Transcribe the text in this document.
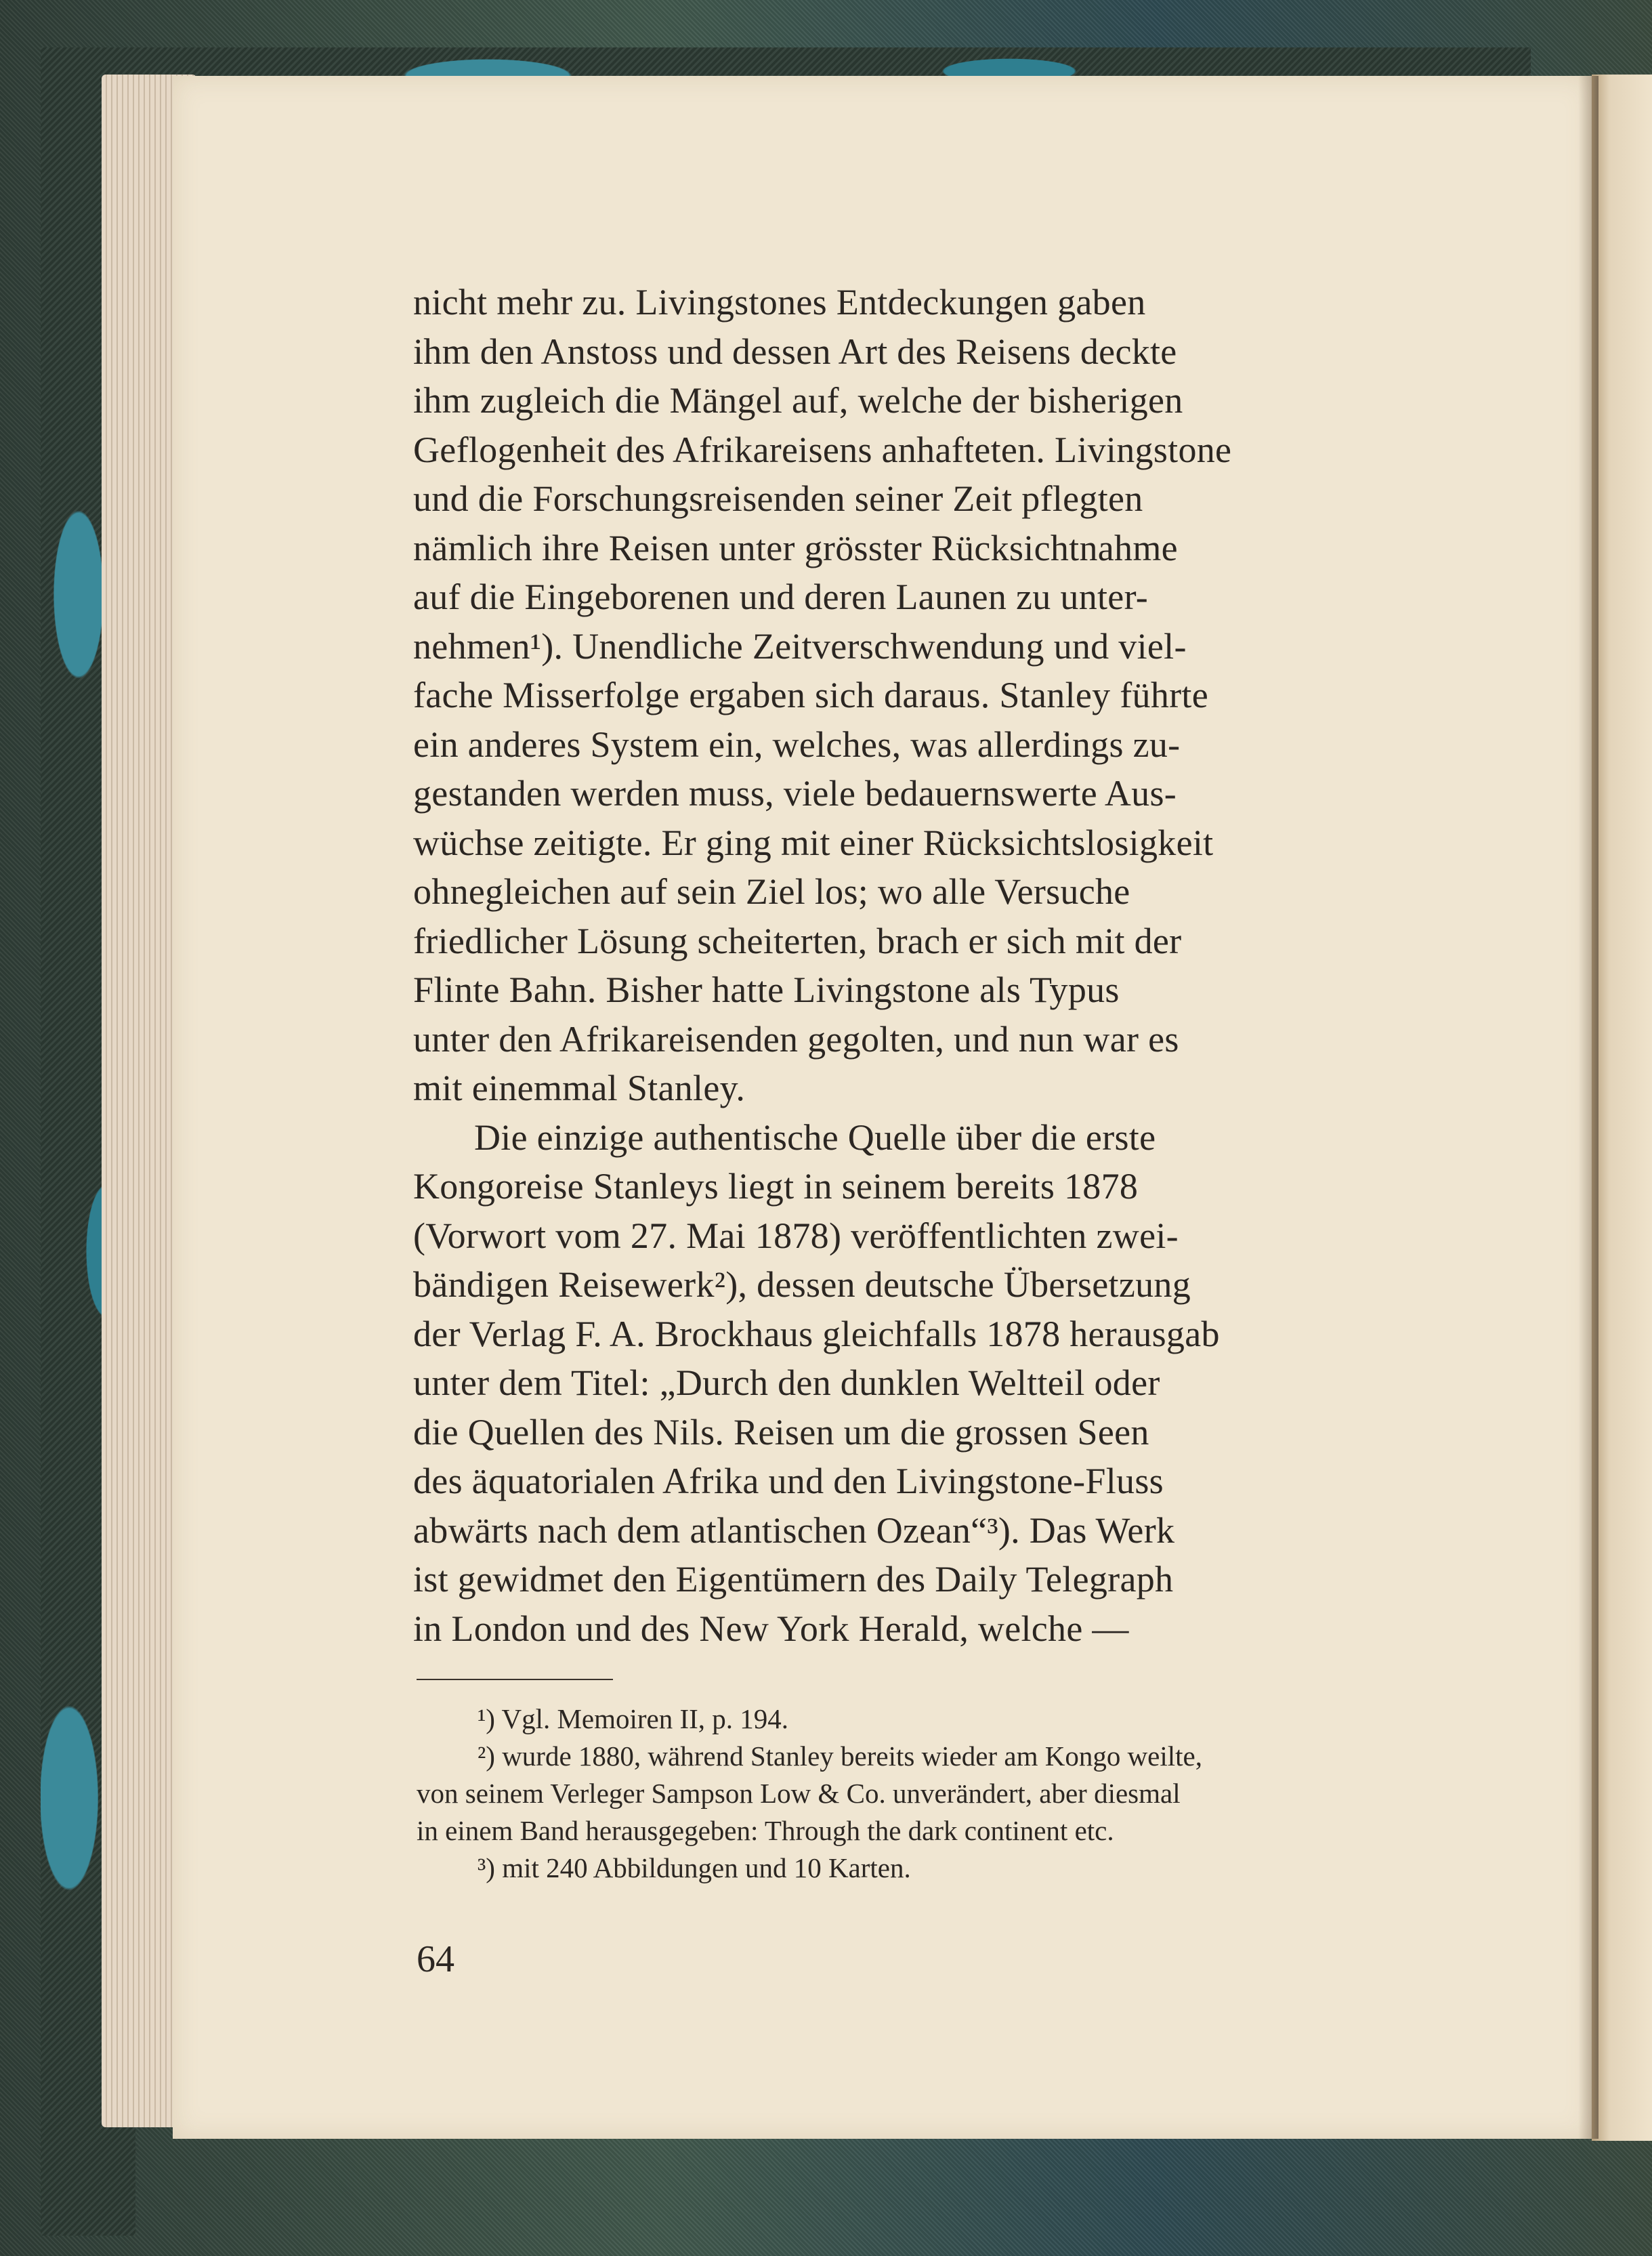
nicht mehr zu. Livingstones Entdeckungen gaben

ihm den Anstoss und dessen Art des Reisens deckte

ihm zugleich die Mängel auf, welche der bisherigen

Geflogenheit des Afrikareisens anhafteten. Livingstone

und die Forschungsreisenden seiner Zeit pflegten

nämlich ihre Reisen unter grösster Rücksichtnahme

auf die Eingeborenen und deren Launen zu unter-

nehmen¹). Unendliche Zeitverschwendung und viel-

fache Misserfolge ergaben sich daraus. Stanley führte

ein anderes System ein, welches, was allerdings zu-

gestanden werden muss, viele bedauernswerte Aus-

wüchse zeitigte. Er ging mit einer Rücksichtslosigkeit

ohnegleichen auf sein Ziel los; wo alle Versuche

friedlicher Lösung scheiterten, brach er sich mit der

Flinte Bahn. Bisher hatte Livingstone als Typus

unter den Afrikareisenden gegolten, und nun war es

mit einemmal Stanley.

Die einzige authentische Quelle über die erste

Kongoreise Stanleys liegt in seinem bereits 1878

(Vorwort vom 27. Mai 1878) veröffentlichten zwei-

bändigen Reisewerk²), dessen deutsche Übersetzung

der Verlag F. A. Brockhaus gleichfalls 1878 herausgab

unter dem Titel: „Durch den dunklen Weltteil oder

die Quellen des Nils. Reisen um die grossen Seen

des äquatorialen Afrika und den Livingstone-Fluss

abwärts nach dem atlantischen Ozean“³). Das Werk

ist gewidmet den Eigentümern des Daily Telegraph

in London und des New York Herald, welche —

¹) Vgl. Memoiren II, p. 194.

²) wurde 1880, während Stanley bereits wieder am Kongo weilte,

von seinem Verleger Sampson Low & Co. unverändert, aber diesmal

in einem Band herausgegeben: Through the dark continent etc.

³) mit 240 Abbildungen und 10 Karten.

64
